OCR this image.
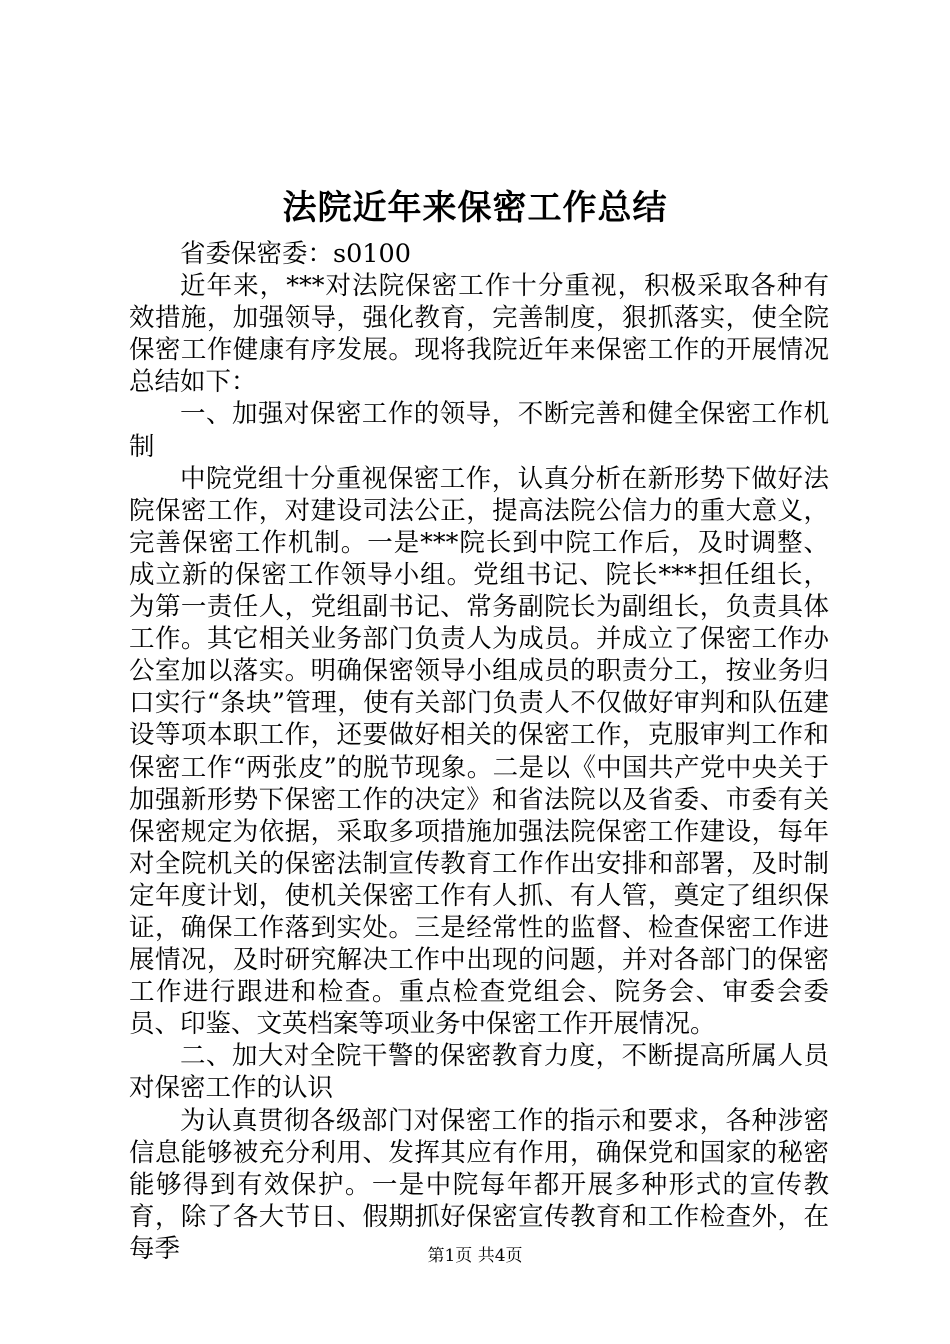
法院近年来保密工作总结

省委保密委：s0100

近年来，***对法院保密工作十分重视，积极采取各种有效措施，加强领导，强化教育，完善制度，狠抓落实，使全院保密工作健康有序发展。现将我院近年来保密工作的开展情况总结如下：

一、加强对保密工作的领导，不断完善和健全保密工作机制

中院党组十分重视保密工作，认真分析在新形势下做好法院保密工作，对建设司法公正，提高法院公信力的重大意义，完善保密工作机制。一是***院长到中院工作后，及时调整、成立新的保密工作领导小组。党组书记、院长***担任组长，为第一责任人，党组副书记、常务副院长为副组长，负责具体工作。其它相关业务部门负责人为成员。并成立了保密工作办公室加以落实。明确保密领导小组成员的职责分工，按业务归口实行“条块”管理，使有关部门负责人不仅做好审判和队伍建设等项本职工作，还要做好相关的保密工作，克服审判工作和保密工作“两张皮”的脱节现象。二是以《中国共产党中央关于加强新形势下保密工作的决定》和省法院以及省委、市委有关保密规定为依据，采取多项措施加强法院保密工作建设，每年对全院机关的保密法制宣传教育工作作出安排和部署，及时制定年度计划，使机关保密工作有人抓、有人管，奠定了组织保证，确保工作落到实处。三是经常性的监督、检查保密工作进展情况，及时研究解决工作中出现的问题，并对各部门的保密工作进行跟进和检查。重点检查党组会、院务会、审委会委员、印鉴、文英档案等项业务中保密工作开展情况。

二、加大对全院干警的保密教育力度，不断提高所属人员对保密工作的认识

为认真贯彻各级部门对保密工作的指示和要求，各种涉密信息能够被充分利用、发挥其应有作用，确保党和国家的秘密能够得到有效保护。一是中院每年都开展多种形式的宣传教育，除了各大节日、假期抓好保密宣传教育和工作检查外，在每季	第1页 共4页
